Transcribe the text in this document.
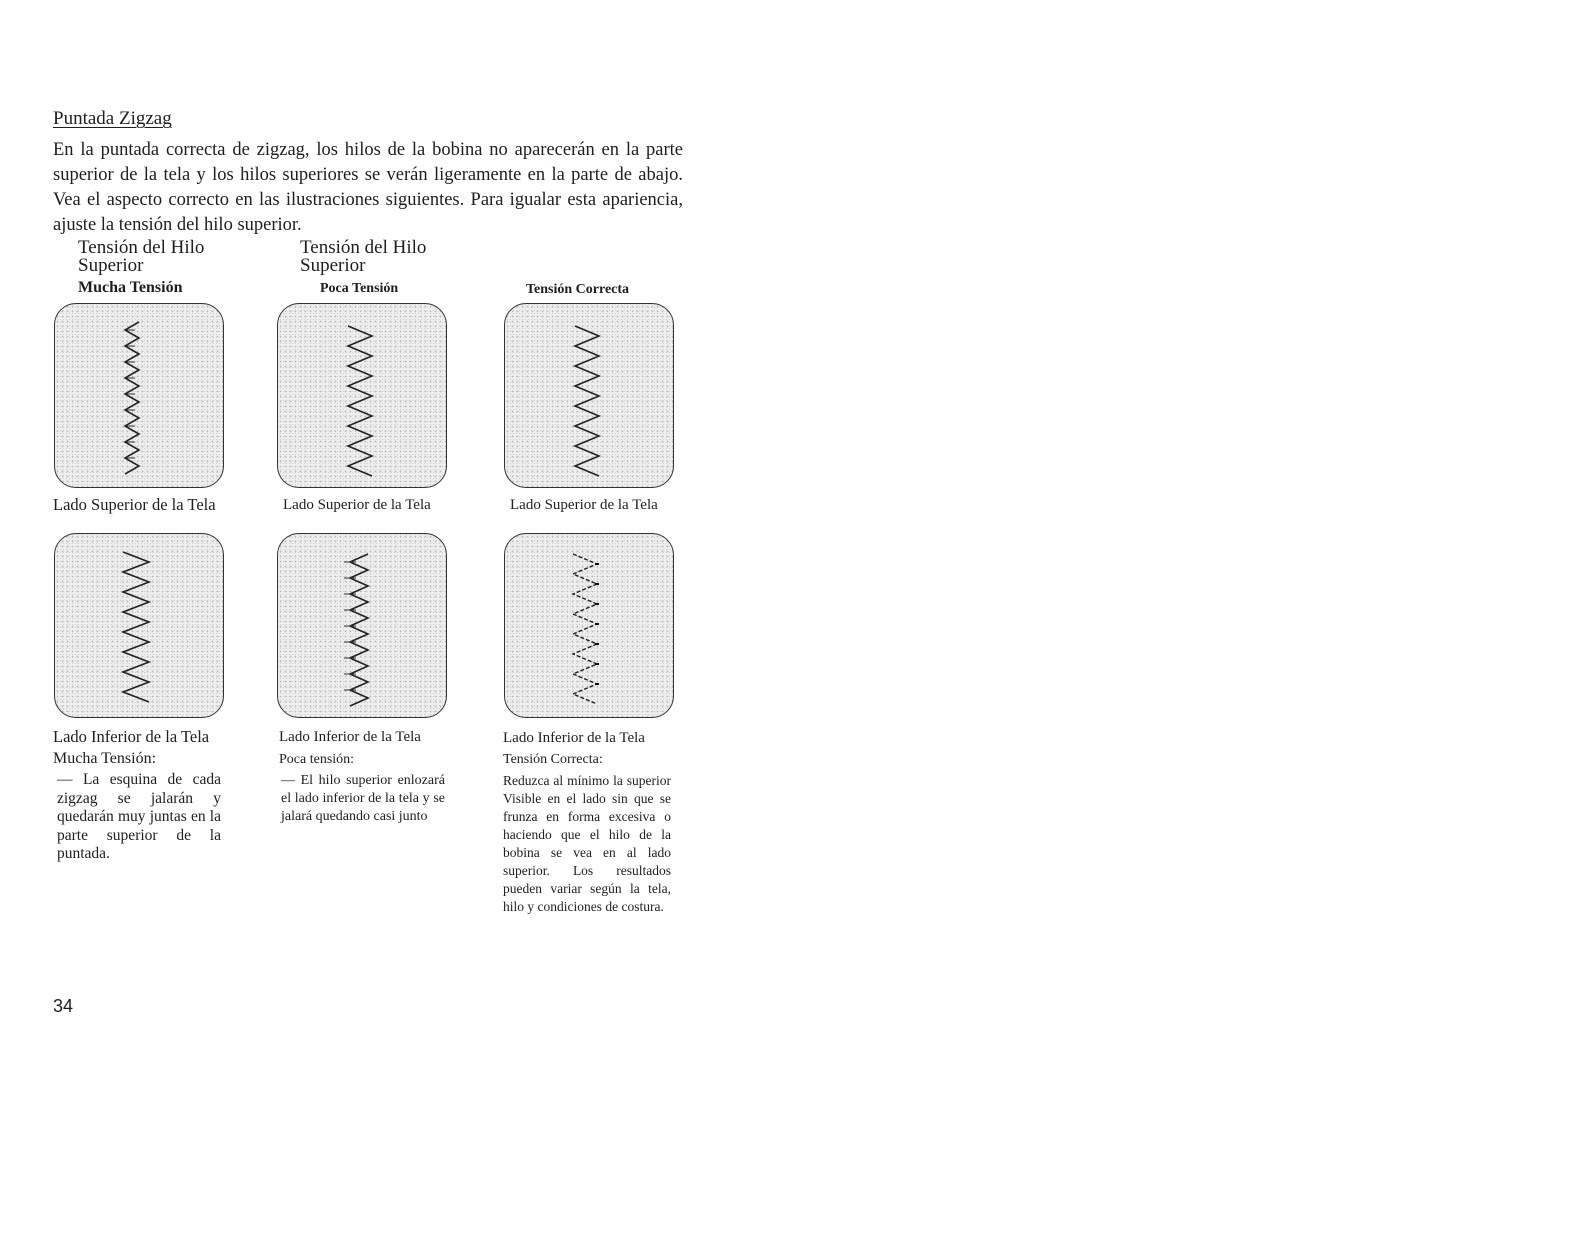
Puntada Zigzag

En la puntada correcta de zigzag, los hilos de la bobina no aparecerán en la parte superior de la tela y los hilos superiores se verán ligeramente en la parte de abajo. Vea el aspecto correcto en las ilustraciones siguientes. Para igualar esta apariencia, ajuste la tensión del hilo superior.

Tensión del Hilo
Superior
Mucha Tensión
Tensión del Hilo
Superior
Poca Tensión	Tensión Correcta
Lado Superior de la Tela	Lado Superior de la Tela	Lado Superior de la Tela
Lado Inferior de la Tela	Lado Inferior de la Tela	Lado Inferior de la Tela
Mucha Tensión:

— La esquina de cada zigzag se jalarán y quedarán muy juntas en la parte superior de la puntada.

Poca tensión:

— El hilo superior enlozará el lado inferior de la tela y se jalará quedando casi junto

Tensión Correcta:

Reduzca al mínimo la superior Visible en el lado sin que se frunza en forma excesiva o haciendo que el hilo de la bobina se vea en al lado superior. Los resultados pueden variar según la tela, hilo y condiciones de costura.

34
